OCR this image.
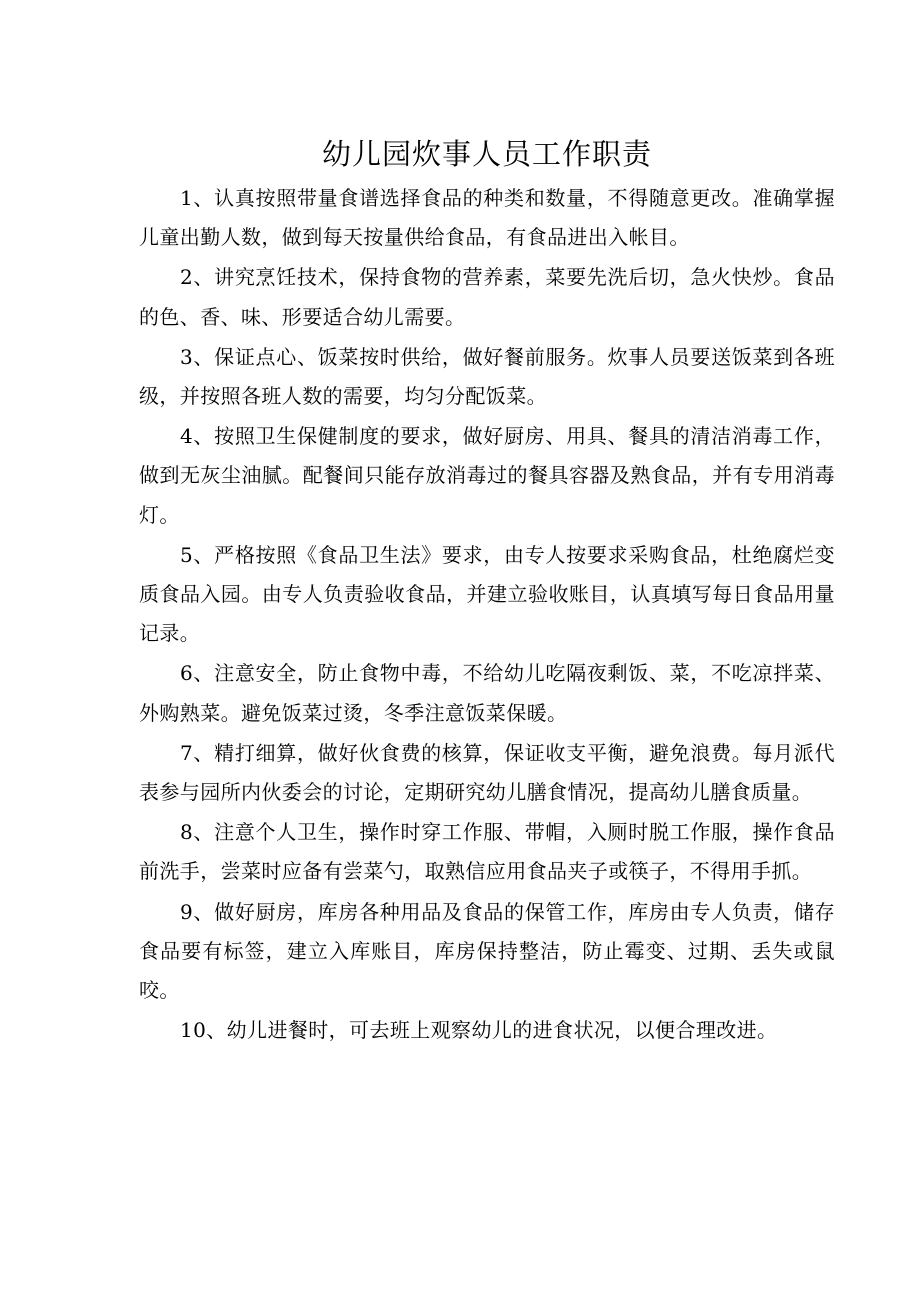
幼儿园炊事人员工作职责

1、认真按照带量食谱选择食品的种类和数量，不得随意更改。准确掌握儿童出勤人数，做到每天按量供给食品，有食品进出入帐目。

2、讲究烹饪技术，保持食物的营养素，菜要先洗后切，急火快炒。食品的色、香、味、形要适合幼儿需要。

3、保证点心、饭菜按时供给，做好餐前服务。炊事人员要送饭菜到各班级，并按照各班人数的需要，均匀分配饭菜。

4、按照卫生保健制度的要求，做好厨房、用具、餐具的清洁消毒工作，做到无灰尘油腻。配餐间只能存放消毒过的餐具容器及熟食品，并有专用消毒灯。

5、严格按照《食品卫生法》要求，由专人按要求采购食品，杜绝腐烂变质食品入园。由专人负责验收食品，并建立验收账目，认真填写每日食品用量记录。

6、注意安全，防止食物中毒，不给幼儿吃隔夜剩饭、菜，不吃凉拌菜、外购熟菜。避免饭菜过烫，冬季注意饭菜保暖。

7、精打细算，做好伙食费的核算，保证收支平衡，避免浪费。每月派代表参与园所内伙委会的讨论，定期研究幼儿膳食情况，提高幼儿膳食质量。

8、注意个人卫生，操作时穿工作服、带帽，入厕时脱工作服，操作食品前洗手，尝菜时应备有尝菜勺，取熟信应用食品夹子或筷子，不得用手抓。

9、做好厨房，库房各种用品及食品的保管工作，库房由专人负责，储存食品要有标签，建立入库账目，库房保持整洁，防止霉变、过期、丢失或鼠咬。

10、幼儿进餐时，可去班上观察幼儿的进食状况，以便合理改进。
